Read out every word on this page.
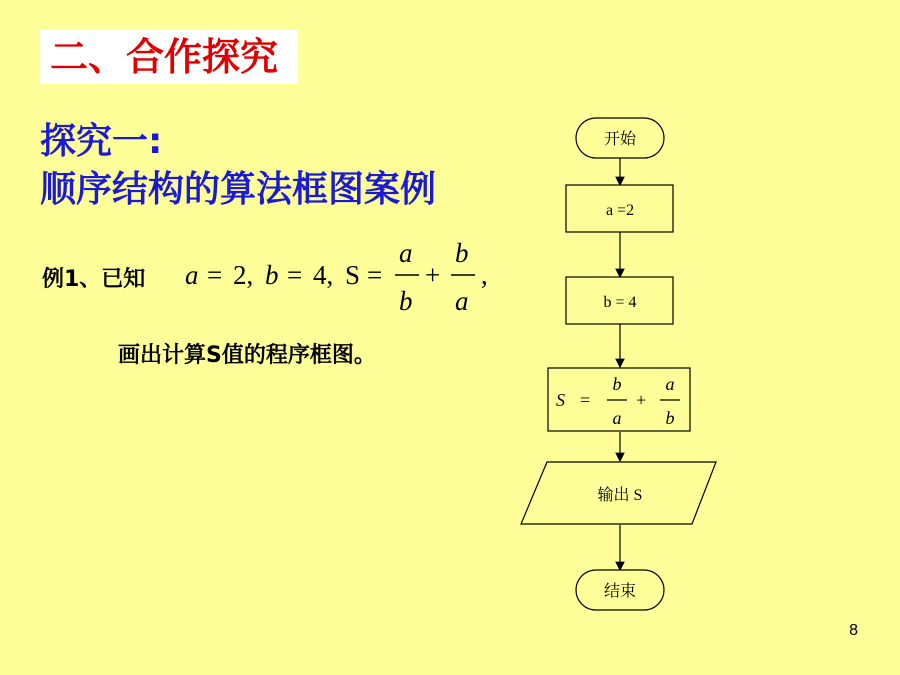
二、合作探究
探究一:
顺序结构的算法框图案例
例1、已知 a = 2, b = 4, S =
a
b
+
b
a
,
画出计算S值的程序框图。
开始
a =2
b = 4
输出 S
结束
S =
b
a
+
a
b
8
